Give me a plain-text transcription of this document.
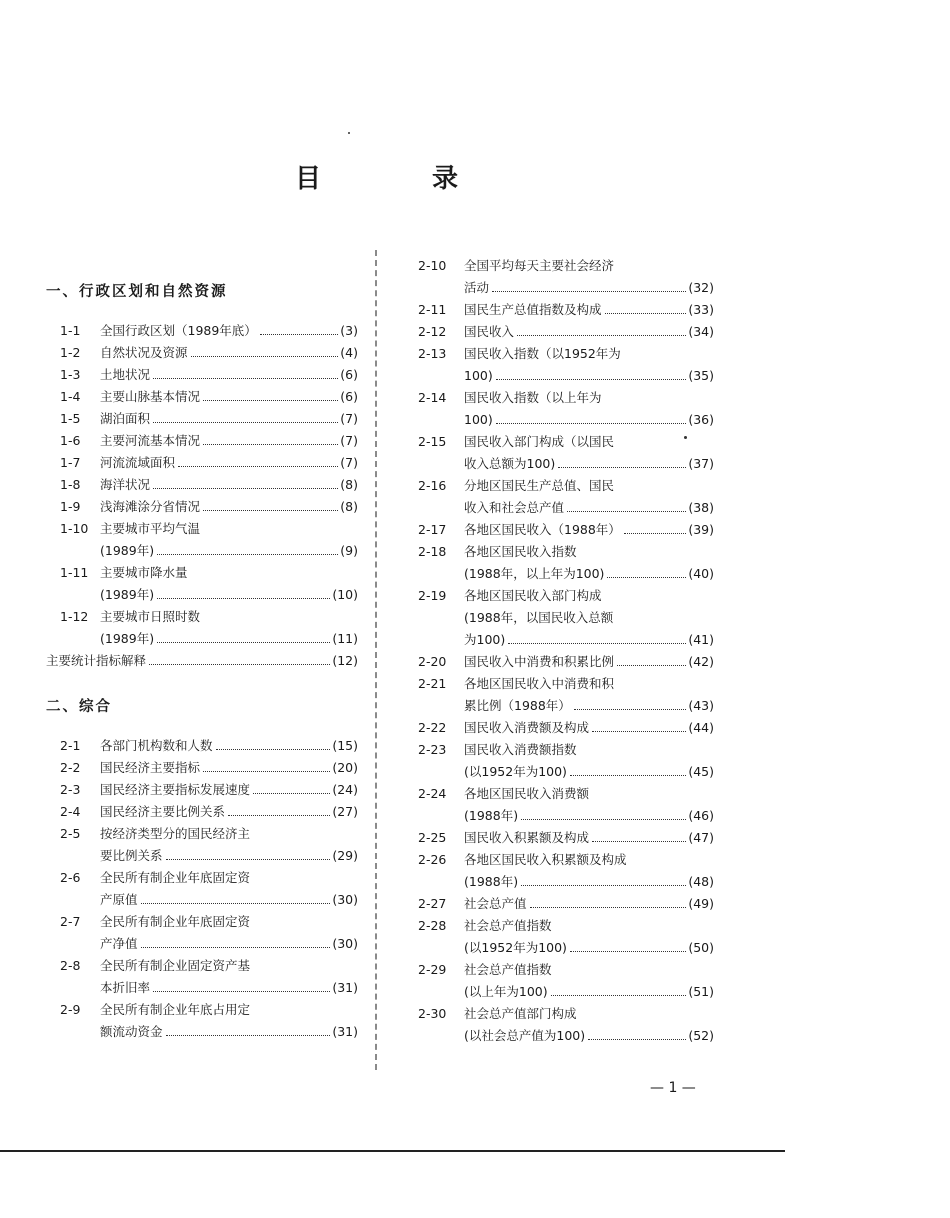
目	录
一、行政区划和自然资源
1-1 全国行政区划（1989年底）	(3)
1-2 自然状况及资源	(4)
1-3 土地状况	(6)
1-4 主要山脉基本情况	(6)
1-5 湖泊面积	(7)
1-6 主要河流基本情况	(7)
1-7 河流流域面积	(7)
1-8 海洋状况	(8)
1-9 浅海滩涂分省情况	(8)
1-10 主要城市平均气温
(1989年)	(9)
1-11 主要城市降水量
(1989年)	(10)
1-12 主要城市日照时数
(1989年)	(11)
主要统计指标解释	(12)
二、综合
2-1 各部门机构数和人数	(15)
2-2 国民经济主要指标	(20)
2-3 国民经济主要指标发展速度	(24)
2-4 国民经济主要比例关系	(27)
2-5 按经济类型分的国民经济主
要比例关系	(29)
2-6 全民所有制企业年底固定资
产原值	(30)
2-7 全民所有制企业年底固定资
产净值	(30)
2-8 全民所有制企业固定资产基
本折旧率	(31)
2-9 全民所有制企业年底占用定
额流动资金	(31)
2-10 全国平均每天主要社会经济
活动	(32)
2-11 国民生产总值指数及构成	(33)
2-12 国民收入	(34)
2-13 国民收入指数（以1952年为
100)	(35)
2-14 国民收入指数（以上年为
100)	(36)
2-15 国民收入部门构成（以国民
收入总额为100)	(37)
2-16 分地区国民生产总值、国民
收入和社会总产值	(38)
2-17 各地区国民收入（1988年）	(39)
2-18 各地区国民收入指数
(1988年，以上年为100)	(40)
2-19 各地区国民收入部门构成
(1988年，以国民收入总额
为100)	(41)
2-20 国民收入中消费和积累比例	(42)
2-21 各地区国民收入中消费和积
累比例（1988年）	(43)
2-22 国民收入消费额及构成	(44)
2-23 国民收入消费额指数
(以1952年为100)	(45)
2-24 各地区国民收入消费额
(1988年)	(46)
2-25 国民收入积累额及构成	(47)
2-26 各地区国民收入积累额及构成
(1988年)	(48)
2-27 社会总产值	(49)
2-28 社会总产值指数
(以1952年为100)	(50)
2-29 社会总产值指数
(以上年为100)	(51)
2-30 社会总产值部门构成
(以社会总产值为100)	(52)
— 1 —
